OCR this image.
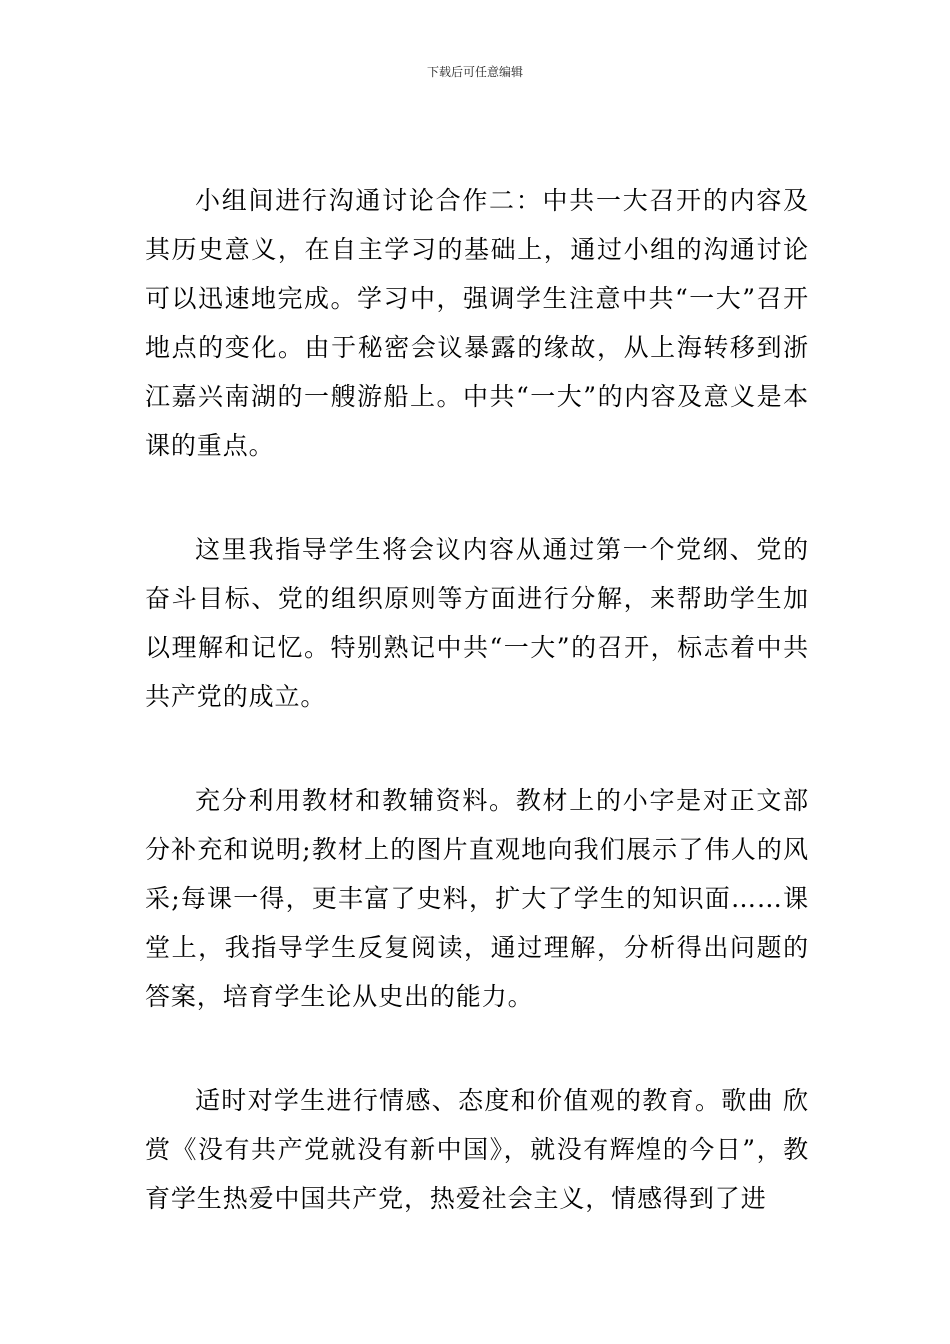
下载后可任意编辑

小组间进行沟通讨论合作二：中共一大召开的内容及其历史意义，在自主学习的基础上，通过小组的沟通讨论可以迅速地完成。学习中，强调学生注意中共“一大”召开地点的变化。由于秘密会议暴露的缘故，从上海转移到浙江嘉兴南湖的一艘游船上。中共“一大”的内容及意义是本课的重点。

这里我指导学生将会议内容从通过第一个党纲、党的奋斗目标、党的组织原则等方面进行分解，来帮助学生加以理解和记忆。特别熟记中共“一大”的召开，标志着中共共产党的成立。

充分利用教材和教辅资料。教材上的小字是对正文部分补充和说明;教材上的图片直观地向我们展示了伟人的风采;每课一得，更丰富了史料，扩大了学生的知识面……课堂上，我指导学生反复阅读，通过理解，分析得出问题的答案，培育学生论从史出的能力。

适时对学生进行情感、态度和价值观的教育。歌曲 欣赏《没有共产党就没有新中国》，就没有辉煌的今日”，教育学生热爱中国共产党，热爱社会主义，情感得到了进
